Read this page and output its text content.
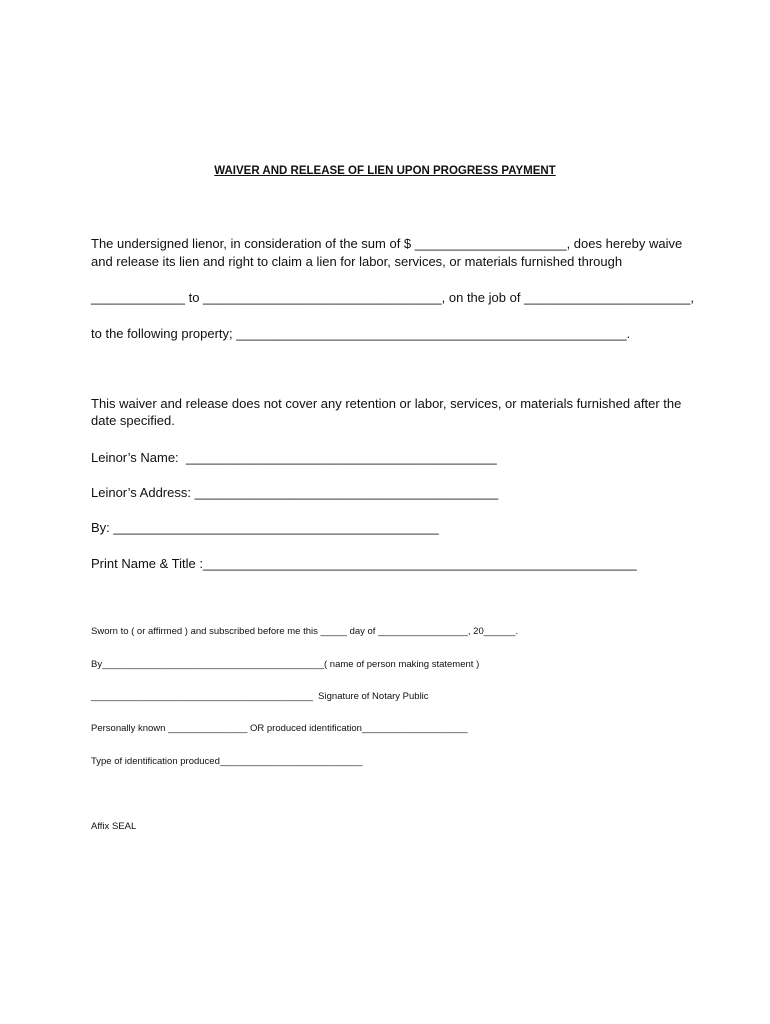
WAIVER AND RELEASE OF LIEN UPON PROGRESS PAYMENT
The undersigned lienor, in consideration of the sum of $ _____________________, does hereby waive
and release its lien and right to claim a lien for labor, services, or materials furnished through
_____________ to _________________________________, on the job of _______________________,
to the following property; ______________________________________________________.
This waiver and release does not cover any retention or labor, services, or materials furnished after the
date specified.
Leinor’s Name:  ___________________________________________
Leinor’s Address: __________________________________________
By: _____________________________________________
Print Name & Title :____________________________________________________________
Sworn to ( or affirmed ) and subscribed before me this _____ day of _________________, 20______.
By__________________________________________( name of person making statement )
__________________________________________  Signature of Notary Public
Personally known _______________ OR produced identification____________________
Type of identification produced___________________________
Affix SEAL
